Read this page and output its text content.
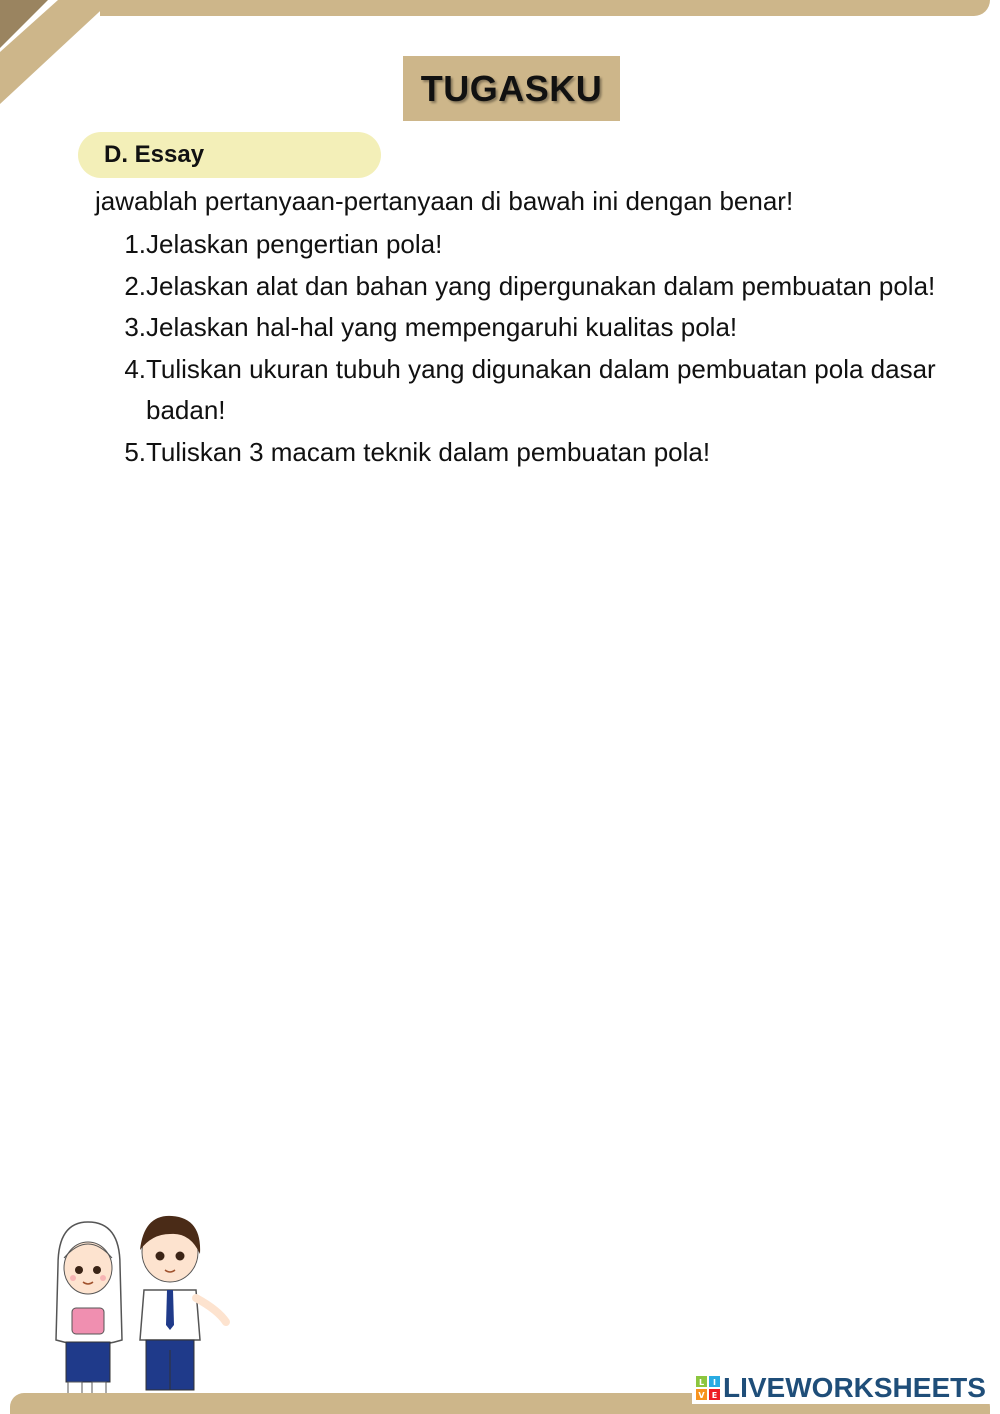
TUGASKU
D. Essay
jawablah pertanyaan-pertanyaan di bawah ini dengan benar!
1. Jelaskan pengertian pola!
2. Jelaskan alat dan bahan yang dipergunakan dalam pembuatan pola!
3. Jelaskan hal-hal yang mempengaruhi kualitas pola!
4. Tuliskan ukuran tubuh yang digunakan dalam pembuatan pola dasar badan!
5. Tuliskan 3 macam teknik dalam pembuatan pola!
L I
V E LIVEWORKSHEETS
